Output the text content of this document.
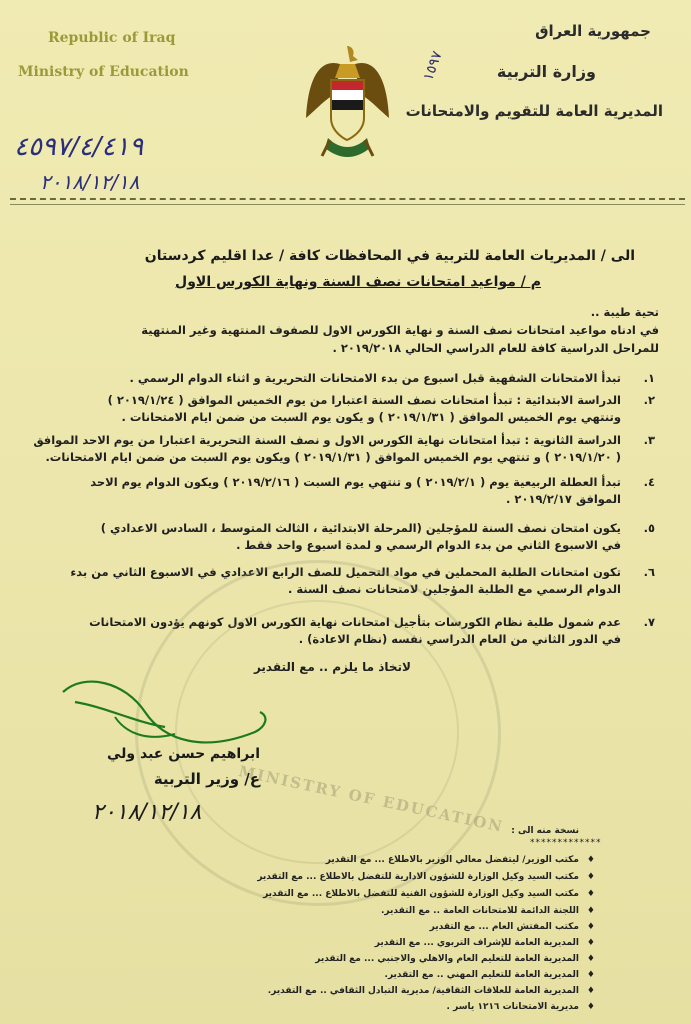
جمهورية العراق
وزارة التربية
المديرية العامة للتقويم والامتحانات
١٥٩٧
Republic of Iraq
Ministry of Education
٤٥٩٧/٤/٤١٩
٢٠١٨/١٢/١٨
الى / المديريات العامة للتربية في المحافظات كافة / عدا اقليم كردستان
م / مواعيد امتحانات نصف السنة ونهاية الكورس الاول
تحية طيبة ..
في ادناه مواعيد امتحانات نصف السنة و نهاية الكورس الاول للصفوف المنتهية وغير المنتهية
للمراحل الدراسية كافة للعام الدراسي الحالي ٢٠١٩/٢٠١٨ .
١.
تبدأ الامتحانات الشفهية قبل اسبوع من بدء الامتحانات التحريرية و اثناء الدوام الرسمي .
٢.
الدراسة الابتدائية : تبدأ امتحانات نصف السنة اعتبارا من يوم الخميس الموافق ( ٢٠١٩/١/٢٤ )
وتنتهي يوم الخميس الموافق ( ٢٠١٩/١/٣١ ) و يكون يوم السبت من ضمن ايام الامتحانات .
٣.
الدراسة الثانوية : تبدأ امتحانات نهاية الكورس الاول و نصف السنة التحريرية اعتبارا من يوم الاحد الموافق
( ٢٠١٩/١/٢٠ ) و تنتهي يوم الخميس الموافق ( ٢٠١٩/١/٣١ ) ويكون يوم السبت من ضمن ايام الامتحانات.
٤.
تبدأ العطلة الربيعية يوم ( ٢٠١٩/٢/١ ) و تنتهي يوم السبت ( ٢٠١٩/٢/١٦ ) ويكون الدوام يوم الاحد
الموافق ٢٠١٩/٢/١٧ .
٥.
يكون امتحان نصف السنة للمؤجلين (المرحلة الابتدائية ، الثالث المتوسط ، السادس الاعدادي )
في الاسبوع الثاني من بدء الدوام الرسمي و لمدة اسبوع واحد فقط .
٦.
تكون امتحانات الطلبة المحملين في مواد التحميل للصف الرابع الاعدادي في الاسبوع الثاني من بدء
الدوام الرسمي مع الطلبة المؤجلين لامتحانات نصف السنة .
٧.
عدم شمول طلبة نظام الكورسات بتأجيل امتحانات نهاية الكورس الاول كونهم يؤدون الامتحانات
في الدور الثاني من العام الدراسي نفسه (نظام الاعادة) .
لاتخاذ ما يلزم .. مع التقدير
MINISTRY OF EDUCATION
ابراهيم حسن عبد ولي
ع/ وزير التربية
٢٠١٨/١٢/١٨
نسخة منه الى :
*************
مكتب الوزير/ ليتفضل معالي الوزير بالاطلاع ... مع التقدير
مكتب السيد وكيل الوزارة للشؤون الادارية للتفضل بالاطلاع ... مع التقدير
مكتب السيد وكيل الوزارة للشؤون الفنية للتفضل بالاطلاع ... مع التقدير
اللجنة الدائمة للامتحانات العامة .. مع التقدير.
مكتب المفتش العام ... مع التقدير
المديرية العامة للإشراف التربوي ... مع التقدير
المديرية العامة للتعليم العام والاهلي والاجنبي ... مع التقدير
المديرية العامة للتعليم المهني .. مع التقدير.
المديرية العامة للعلاقات الثقافية/ مديرية التبادل الثقافي .. مع التقدير.
مديرية الامتحانات ١٢١٦ ياسر .
♦
♦
♦
♦
♦
♦
♦
♦
♦
♦
